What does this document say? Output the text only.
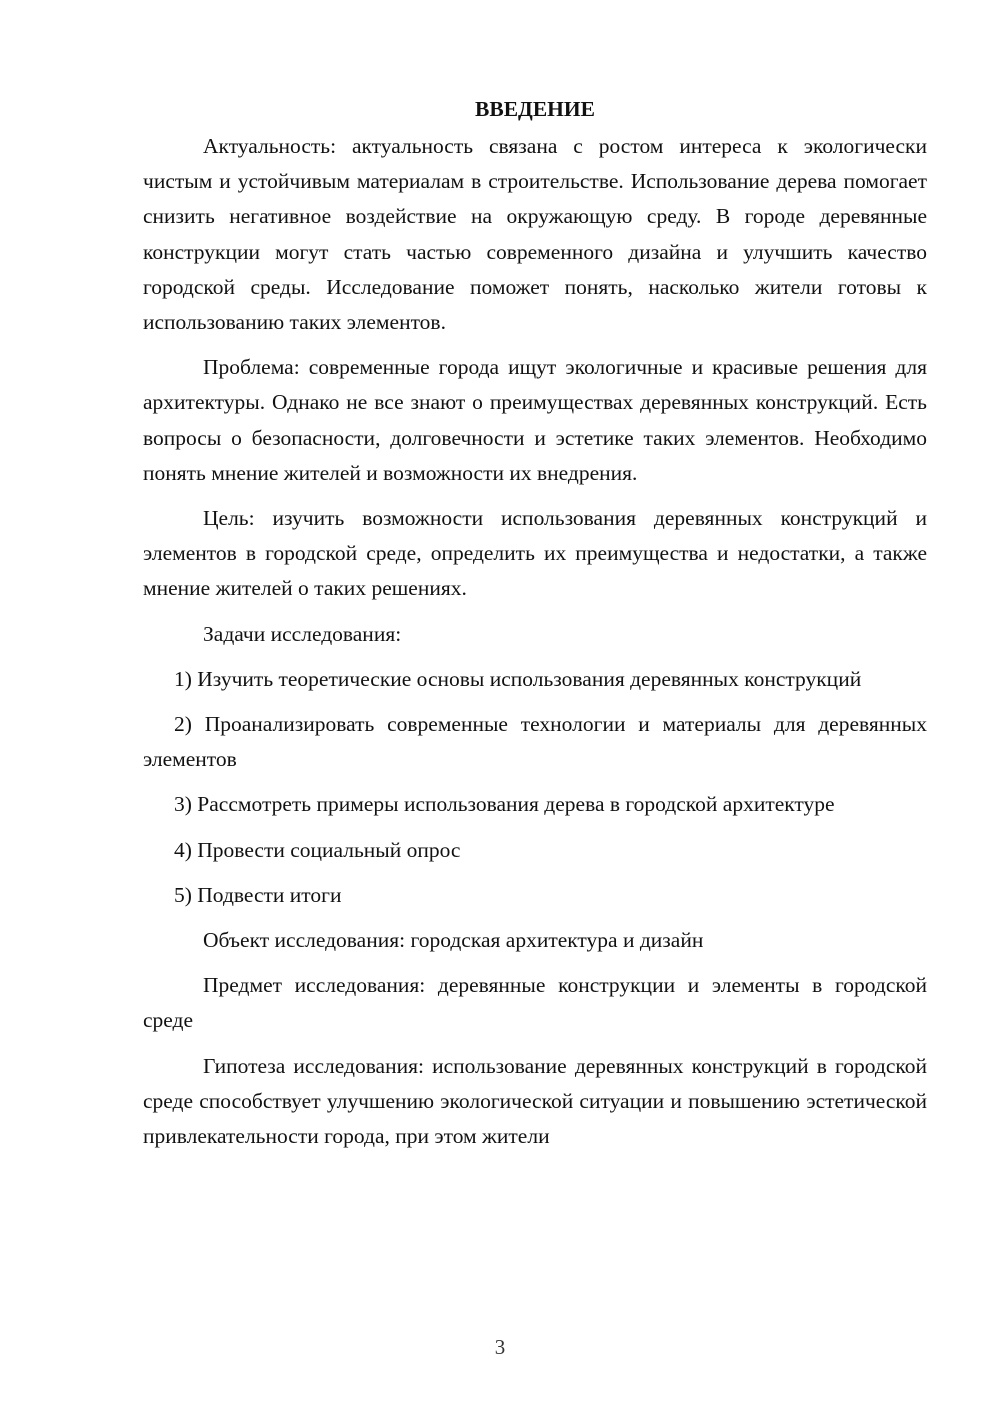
ВВЕДЕНИЕ

Актуальность: актуальность связана с ростом интереса к экологически чистым и устойчивым материалам в строительстве. Использование дерева помогает снизить негативное воздействие на окружающую среду. В городе деревянные конструкции могут стать частью современного дизайна и улучшить качество городской среды. Исследование поможет понять, насколько жители готовы к использованию таких элементов.

Проблема: современные города ищут экологичные и красивые решения для архитектуры. Однако не все знают о преимуществах деревянных конструкций. Есть вопросы о безопасности, долговечности и эстетике таких элементов. Необходимо понять мнение жителей и возможности их внедрения.

Цель: изучить возможности использования деревянных конструкций и элементов в городской среде, определить их преимущества и недостатки, а также мнение жителей о таких решениях.

Задачи исследования:

1) Изучить теоретические основы использования деревянных конструкций

2) Проанализировать современные технологии и материалы для деревянных элементов

3) Рассмотреть примеры использования дерева в городской архитектуре

4) Провести социальный опрос

5) Подвести итоги

Объект исследования: городская архитектура и дизайн

Предмет исследования: деревянные конструкции и элементы в городской среде

Гипотеза исследования: использование деревянных конструкций в городской среде способствует улучшению экологической ситуации и повышению эстетической привлекательности города, при этом жители

3
